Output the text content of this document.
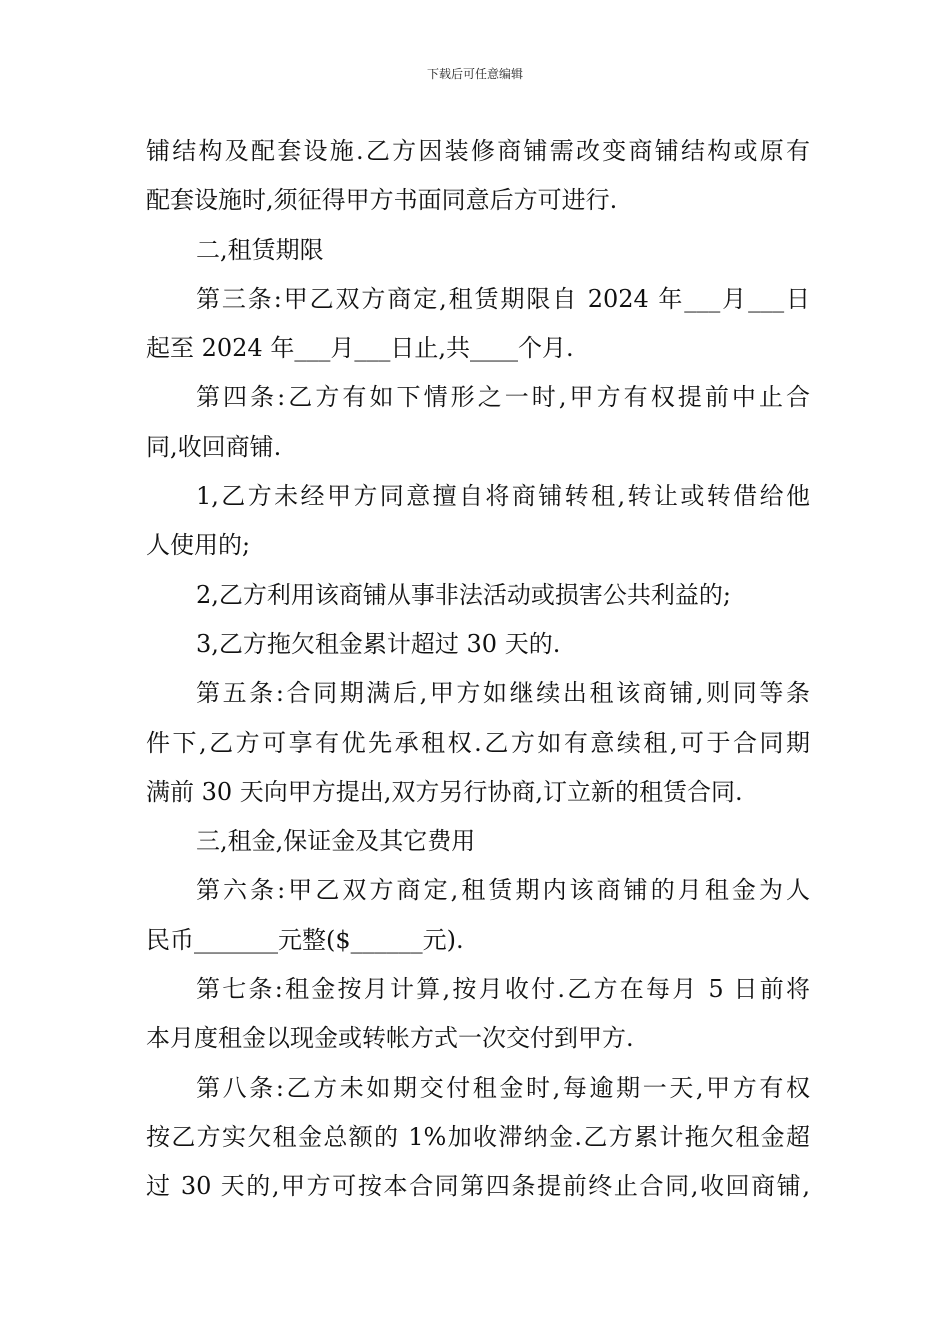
下载后可任意编辑
铺结构及配套设施.乙方因装修商铺需改变商铺结构或原有
配套设施时,须征得甲方书面同意后方可进行.
二,租赁期限
第三条:甲乙双方商定,租赁期限自 2024 年___月___日
起至 2024 年___月___日止,共____个月.
第四条:乙方有如下情形之一时,甲方有权提前中止合
同,收回商铺.
1,乙方未经甲方同意擅自将商铺转租,转让或转借给他
人使用的;
2,乙方利用该商铺从事非法活动或损害公共利益的;
3,乙方拖欠租金累计超过 30 天的.
第五条:合同期满后,甲方如继续出租该商铺,则同等条
件下,乙方可享有优先承租权.乙方如有意续租,可于合同期
满前 30 天向甲方提出,双方另行协商,订立新的租赁合同.
三,租金,保证金及其它费用
第六条:甲乙双方商定,租赁期内该商铺的月租金为人
民币_______元整($______元).
第七条:租金按月计算,按月收付.乙方在每月 5 日前将
本月度租金以现金或转帐方式一次交付到甲方.
第八条:乙方未如期交付租金时,每逾期一天,甲方有权
按乙方实欠租金总额的 1%加收滞纳金.乙方累计拖欠租金超
过 30 天的,甲方可按本合同第四条提前终止合同,收回商铺,
